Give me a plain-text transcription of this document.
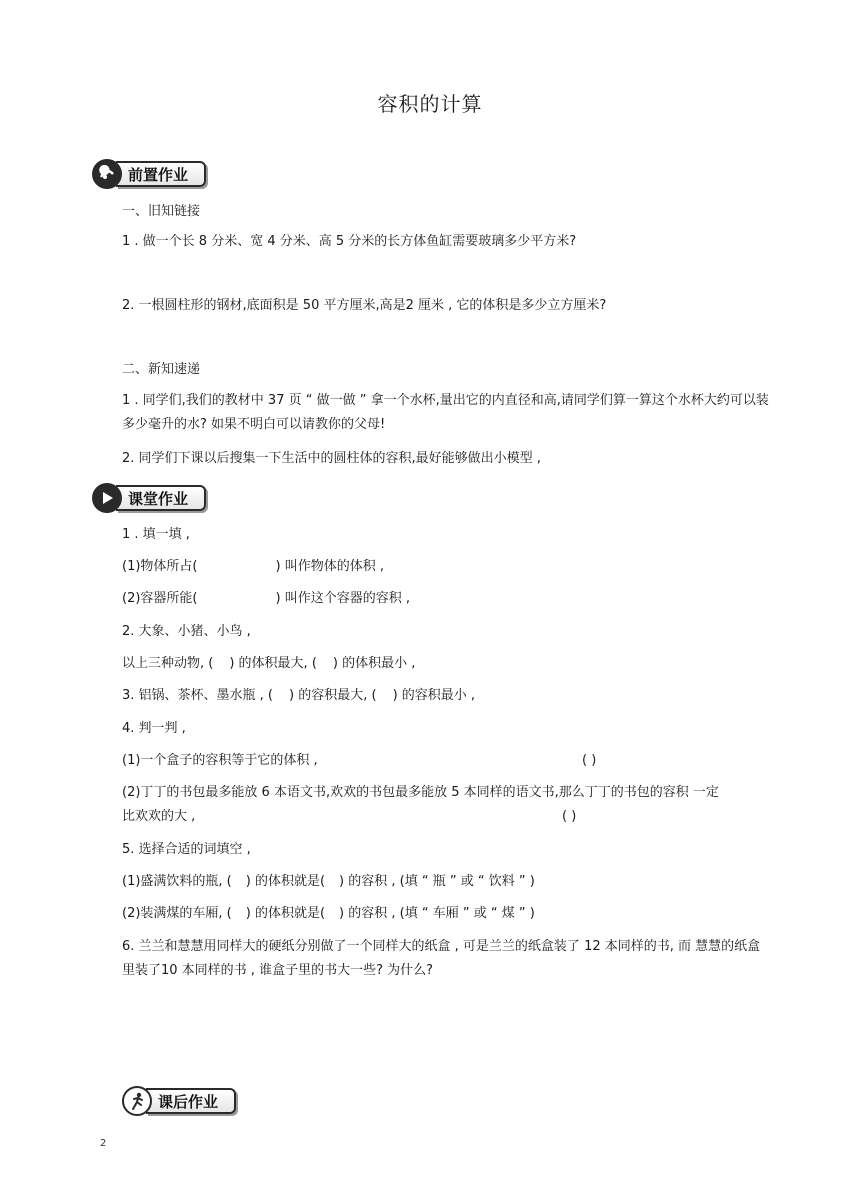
容积的计算
前置作业
一、旧知链接
1 . 做一个长 8 分米、宽 4 分米、高 5 分米的长方体鱼缸需要玻璃多少平方米?
2. 一根圆柱形的钢材,底面积是 50 平方厘米,高是2 厘米 , 它的体积是多少立方厘米?
二、新知速递
1 . 同学们,我们的教材中 37 页 “ 做一做 ” 拿一个水杯,量出它的内直径和高,请同学们算一算这个水杯大约可以装多少毫升的水? 如果不明白可以请教你的父母!
2. 同学们下课以后搜集一下生活中的圆柱体的容积,最好能够做出小模型 ,
课堂作业
1 . 填一填 ,
(1)物体所占(	) 叫作物体的体积 ,
(2)容器所能(	) 叫作这个容器的容积 ,
2. 大象、小猪、小鸟 ,
以上三种动物, ( ) 的体积最大, ( ) 的体积最小 ,
3. 铝锅、茶杯、墨水瓶 , ( ) 的容积最大, ( ) 的容积最小 ,
4. 判一判 ,
(1)一个盒子的容积等于它的体积 ,	( )
(2)丁丁的书包最多能放 6 本语文书,欢欢的书包最多能放 5 本同样的语文书,那么丁丁的书包的容积 一定
比欢欢的大 ,	( )
5. 选择合适的词填空 ,
(1)盛满饮料的瓶, ( ) 的体积就是( ) 的容积 , (填 “ 瓶 ” 或 “ 饮料 ” )
(2)装满煤的车厢, ( ) 的体积就是( ) 的容积 , (填 “ 车厢 ” 或 “ 煤 ” )
6. 兰兰和慧慧用同样大的硬纸分别做了一个同样大的纸盒 , 可是兰兰的纸盒装了 12 本同样的书, 而 慧慧的纸盒里装了10 本同样的书 , 谁盒子里的书大一些? 为什么?
课后作业
2
